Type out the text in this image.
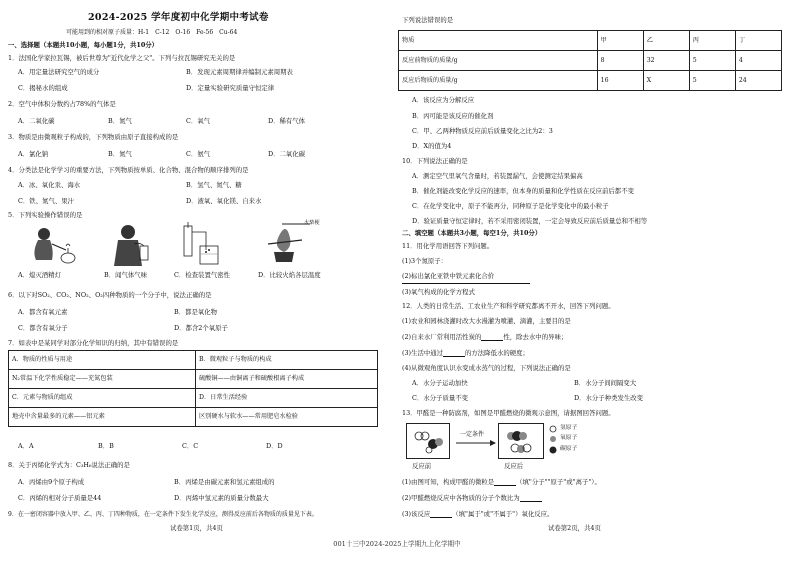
2024-2025 学年度初中化学期中考试卷
可能用到的相对原子质量：H-1　C-12　O-16　Fe-56　Cu-64
一、选择题（本题共10小题，每小题1分，共10分）
1．法国化学家拉瓦锡，被后世尊为"近代化学之父"。下列与拉瓦锡研究无关的是
A．用定量法研究空气的成分	B．发现元素周期律并编制元素周期表
C．揭秘水的组成	D．定量实验研究质量守恒定律
2．空气中体积分数约占78%的气体是
A．二氧化碳	B．氮气	C．氧气	D．稀有气体
3．物质是由微观粒子构成的，下列物质由原子直接构成的是
A．氯化钠	B．氮气	C．氨气	D．二氧化碳
4．分类法是化学学习的重要方法，下列物质按单质、化合物、混合物的顺序排列的是
A．冰、氧化汞、海水	B．氢气、氮气、糖
C．铁、氮气、果汁	D．液氧、氧化镁、自来水
5．下列实验操作错误的是
火柴梗
A．熄灭酒精灯	B．闻气体气味	C．检查装置气密性	D．比较火焰各层温度
6．以下对SO₂、CO₂、NO₂、O₂四种物质的一个分子中，说法正确的是
A．都含有氧元素	B．都是氧化物
C．都含有氧分子	D．都含2个氧原子
7．如表中是某同学对部分化学知识的归纳，其中有错误的是
A．物质的性质与用途	B．微观粒子与物质的构成
N₂常温下化学性质稳定——充氮包装	硫酸铜——由铜离子和硫酸根离子构成
C．元素与物质的组成	D．日常生活经验
地壳中含量最多的元素——铝元素	区别硬水与软水——常用肥皂水检验
A．A	B．B	C．C	D．D
8．关于丙烯化学式为：C₃H₆说法正确的是
A．丙烯由9个原子构成	B．丙烯是由碳元素和氢元素组成的
C．丙烯的相对分子质量是44	D．丙烯中氢元素的质量分数最大
9．在一密闭容器中放入甲、乙、丙、丁四种物质，在一定条件下发生化学反应，测得反应前后各物质的质量见下表。
试卷第1页，共4页
下列说法错误的是
物质	甲	乙	丙	丁
反应前物质的质量/g	8	32	5	4
反应后物质的质量/g	16	X	5	24
A．该反应为分解反应
B．丙可能是该反应的催化剂
C．甲、乙两种物质反应前后质量变化之比为2：3
D．X的值为4
10．下列说法正确的是
A．测定空气里氧气含量时，若装置漏气，会使测定结果偏高
B．催化剂能改变化学反应的速率，但本身的质量和化学性质在反应前后都不变
C．在化学变化中，原子不能再分，同种原子是化学变化中的最小粒子
D．验证质量守恒定律时，若不采用密闭装置，一定会导致反应前后质量总和不相等
二、填空题（本题共3小题，每空1分，共10分）
11．用化学用语回答下列问题。
(1)3个氮原子：
(2)标出氯化亚铁中铁元素化合价
(3)氧气构成的化学方程式
12．人类的日常生活、工农业生产和科学研究都离不开水，回答下列问题。
(1)农业和园林浇灌时改大水漫灌为喷灌、滴灌，主要目的是
(2)自来水厂常利用活性炭的	性，除去水中的异味；
(3)生活中通过	的方法降低水的硬度；
(4)从微观角度认识水变成水蒸气的过程，下列说法正确的是
A．水分子运动加快	B．水分子间间隔变大
C．水分子质量不变	D．水分子种类发生改变
13．甲醛是一种防腐剂，如图是甲醛燃烧的微观示意图，请据图回答问题。
一定条件
氢原子
氧原子
碳原子
反应前	反应后
(1)由图可知，构成甲醛的微粒是	（填"分子""原子"或"离子"）。
(2)甲醛燃烧反应中各物质的分子个数比为
(3)该反应	（填"属于"或"不属于"）氧化反应。
试卷第2页，共4页
001十三中2024-2025上学期九上化学期中
